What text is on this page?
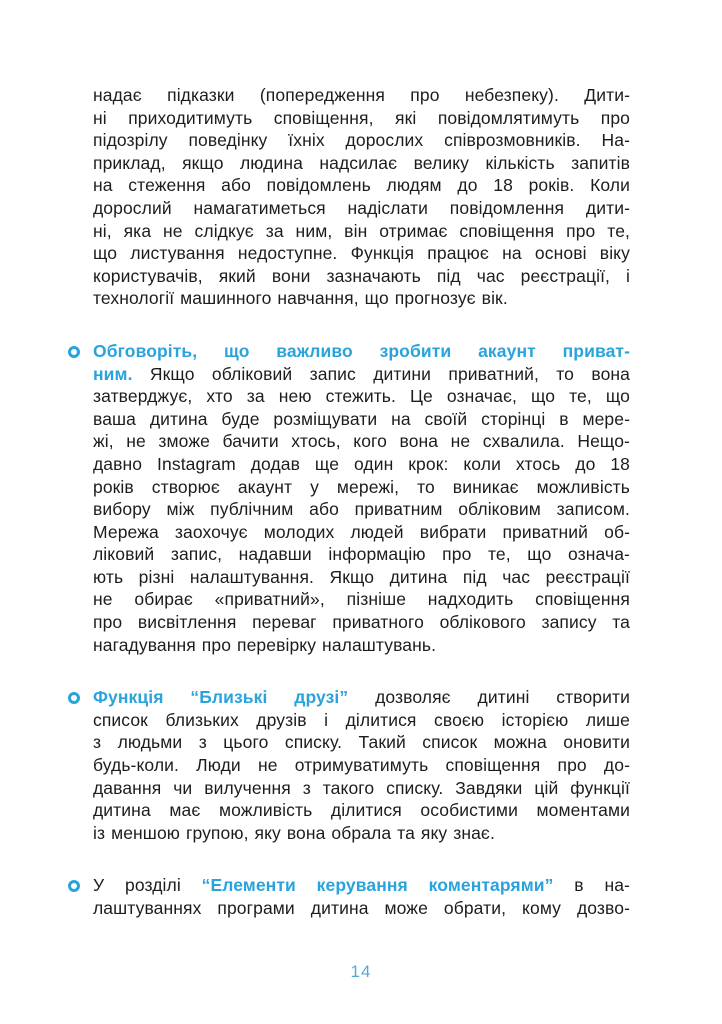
надає підказки (попередження про небезпеку). Дити-
ні приходитимуть сповіщення, які повідомлятимуть про
підозрілу поведінку їхніх дорослих співрозмовників. На-
приклад, якщо людина надсилає велику кількість запитів
на стеження або повідомлень людям до 18 років. Коли
дорослий намагатиметься надіслати повідомлення дити-
ні, яка не слідкує за ним, він отримає сповіщення про те,
що листування недоступне. Функція працює на основі віку
користувачів, який вони зазначають під час реєстрації, і
технології машинного навчання, що прогнозує вік.
Обговоріть, що важливо зробити акаунт приват-
ним. Якщо обліковий запис дитини приватний, то вона
затверджує, хто за нею стежить. Це означає, що те, що
ваша дитина буде розміщувати на своїй сторінці в мере-
жі, не зможе бачити хтось, кого вона не схвалила. Нещо-
давно Instagram додав ще один крок: коли хтось до 18
років створює акаунт у мережі, то виникає можливість
вибору між публічним або приватним обліковим записом.
Мережа заохочує молодих людей вибрати приватний об-
ліковий запис, надавши інформацію про те, що означа-
ють різні налаштування. Якщо дитина під час реєстрації
не обирає «приватний», пізніше надходить сповіщення
про висвітлення переваг приватного облікового запису та
нагадування про перевірку налаштувань.
Функція “Близькі друзі” дозволяє дитині створити
список близьких друзів і ділитися своєю історією лише
з людьми з цього списку. Такий список можна оновити
будь-коли. Люди не отримуватимуть сповіщення про до-
давання чи вилучення з такого списку. Завдяки цій функції
дитина має можливість ділитися особистими моментами
із меншою групою, яку вона обрала та яку знає.
У розділі “Елементи керування коментарями” в на-
лаштуваннях програми дитина може обрати, кому дозво-
14
